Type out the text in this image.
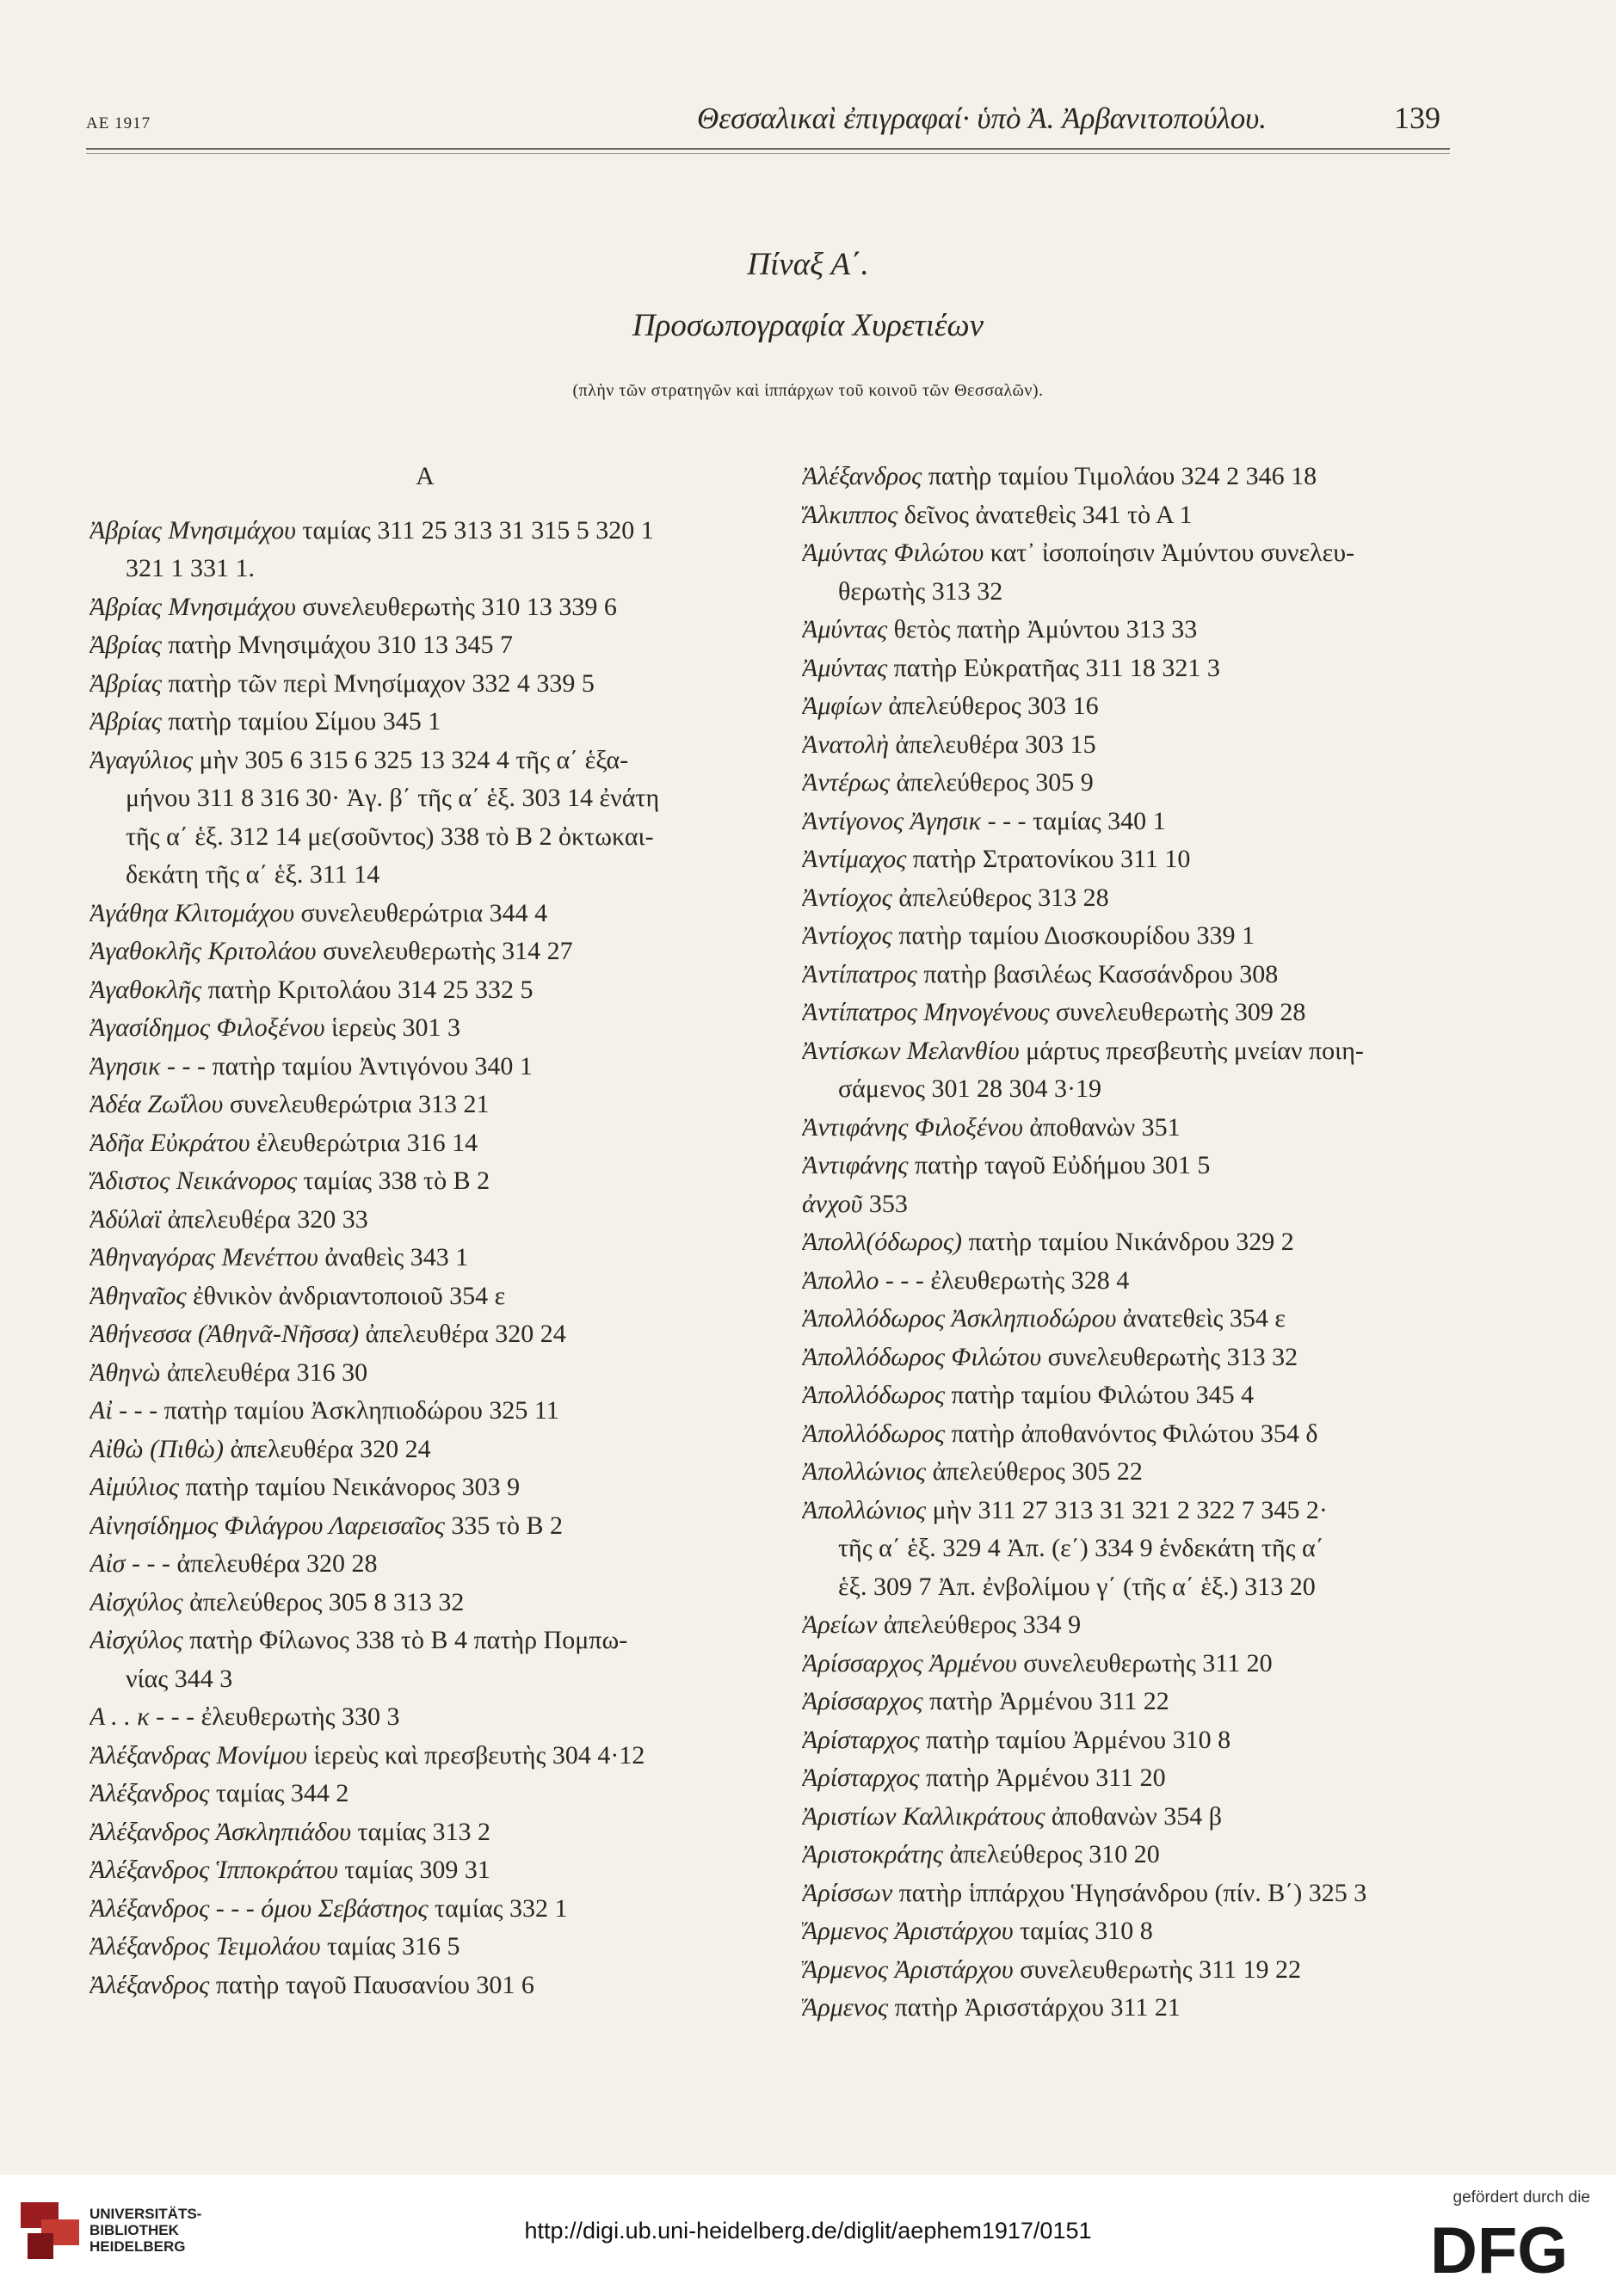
ΑΕ 1917	Θεσσαλικαὶ ἐπιγραφαί· ὑπὸ Ἀ. Ἀρβανιτοπούλου.	139
Πίναξ Α΄.
Προσωπογραφία Χυρετιέων
(πλὴν τῶν στρατηγῶν καὶ ἱππάρχων τοῦ κοινοῦ τῶν Θεσσαλῶν).
Α
Ἀβρίας Μνησιμάχου ταμίας 311 25 313 31 315 5 320 1
321 1 331 1.
Ἀβρίας Μνησιμάχου συνελευθερωτὴς 310 13 339 6
Ἀβρίας πατὴρ Μνησιμάχου 310 13 345 7
Ἀβρίας πατὴρ τῶν περὶ Μνησίμαχον 332 4 339 5
Ἀβρίας πατὴρ ταμίου Σίμου 345 1
Ἀγαγύλιος μὴν 305 6 315 6 325 13 324 4 τῆς α΄ ἑξα-
μήνου 311 8 316 30· Ἀγ. β΄ τῆς α΄ ἑξ. 303 14 ἐνάτη
τῆς α΄ ἑξ. 312 14 με(σοῦντος) 338 τὸ Β 2 ὀκτωκαι-
δεκάτη τῆς α΄ ἑξ. 311 14
Ἀγάθηα Κλιτομάχου συνελευθερώτρια 344 4
Ἀγαθοκλῆς Κριτολάου συνελευθερωτὴς 314 27
Ἀγαθοκλῆς πατὴρ Κριτολάου 314 25 332 5
Ἀγασίδημος Φιλοξένου ἱερεὺς 301 3
Ἀγησικ - - - πατὴρ ταμίου Ἀντιγόνου 340 1
Ἀδέα Ζωΐλου συνελευθερώτρια 313 21
Ἀδῆα Εὐκράτου ἐλευθερώτρια 316 14
Ἄδιστος Νεικάνορος ταμίας 338 τὸ Β 2
Ἀδύλαϊ ἀπελευθέρα 320 33
Ἀθηναγόρας Μενέττου ἀναθεὶς 343 1
Ἀθηναῖος ἐθνικὸν ἀνδριαντοποιοῦ 354 ε
Ἀθήνεσσα (Ἀθηνᾶ-Νῆσσα) ἀπελευθέρα 320 24
Ἀθηνὼ ἀπελευθέρα 316 30
Αἰ - - - πατὴρ ταμίου Ἀσκληπιοδώρου 325 11
Αἰθὼ (Πιθὼ) ἀπελευθέρα 320 24
Αἰμύλιος πατὴρ ταμίου Νεικάνορος 303 9
Αἰνησίδημος Φιλάγρου Λαρεισαῖος 335 τὸ Β 2
Αἰσ - - - ἀπελευθέρα 320 28
Αἰσχύλος ἀπελεύθερος 305 8 313 32
Αἰσχύλος πατὴρ Φίλωνος 338 τὸ Β 4 πατὴρ Πομπω-
νίας 344 3
Α . . κ - - - ἐλευθερωτὴς 330 3
Ἀλέξανδρας Μονίμου ἱερεὺς καὶ πρεσβευτὴς 304 4·12
Ἀλέξανδρος ταμίας 344 2
Ἀλέξανδρος Ἀσκληπιάδου ταμίας 313 2
Ἀλέξανδρος Ἱπποκράτου ταμίας 309 31
Ἀλέξανδρος - - - όμου Σεβάστηος ταμίας 332 1
Ἀλέξανδρος Τειμολάου ταμίας 316 5
Ἀλέξανδρος πατὴρ ταγοῦ Παυσανίου 301 6
Ἀλέξανδρος πατὴρ ταμίου Τιμολάου 324 2 346 18
Ἄλκιππος δεῖνος ἀνατεθεὶς 341 τὸ Α 1
Ἀμύντας Φιλώτου κατ᾽ ἰσοποίησιν Ἀμύντου συνελευ-
θερωτὴς 313 32
Ἀμύντας θετὸς πατὴρ Ἀμύντου 313 33
Ἀμύντας πατὴρ Εὐκρατῆας 311 18 321 3
Ἀμφίων ἀπελεύθερος 303 16
Ἀνατολὴ ἀπελευθέρα 303 15
Ἀντέρως ἀπελεύθερος 305 9
Ἀντίγονος Ἀγησικ - - - ταμίας 340 1
Ἀντίμαχος πατὴρ Στρατονίκου 311 10
Ἀντίοχος ἀπελεύθερος 313 28
Ἀντίοχος πατὴρ ταμίου Διοσκουρίδου 339 1
Ἀντίπατρος πατὴρ βασιλέως Κασσάνδρου 308
Ἀντίπατρος Μηνογένους συνελευθερωτὴς 309 28
Ἀντίσκων Μελανθίου μάρτυς πρεσβευτὴς μνείαν ποιη-
σάμενος 301 28 304 3·19
Ἀντιφάνης Φιλοξένου ἀποθανὼν 351
Ἀντιφάνης πατὴρ ταγοῦ Εὐδήμου 301 5
ἀνχοῦ 353
Ἀπολλ(όδωρος) πατὴρ ταμίου Νικάνδρου 329 2
Ἀπολλο - - - ἐλευθερωτὴς 328 4
Ἀπολλόδωρος Ἀσκληπιοδώρου ἀνατεθεὶς 354 ε
Ἀπολλόδωρος Φιλώτου συνελευθερωτὴς 313 32
Ἀπολλόδωρος πατὴρ ταμίου Φιλώτου 345 4
Ἀπολλόδωρος πατὴρ ἀποθανόντος Φιλώτου 354 δ
Ἀπολλώνιος ἀπελεύθερος 305 22
Ἀπολλώνιος μὴν 311 27 313 31 321 2 322 7 345 2·
τῆς α΄ ἑξ. 329 4 Ἀπ. (ε΄) 334 9 ἑνδεκάτη τῆς α΄
ἑξ. 309 7 Ἀπ. ἐνβολίμου γ΄ (τῆς α΄ ἑξ.) 313 20
Ἀρείων ἀπελεύθερος 334 9
Ἀρίσσαρχος Ἀρμένου συνελευθερωτὴς 311 20
Ἀρίσσαρχος πατὴρ Ἀρμένου 311 22
Ἀρίσταρχος πατὴρ ταμίου Ἀρμένου 310 8
Ἀρίσταρχος πατὴρ Ἀρμένου 311 20
Ἀριστίων Καλλικράτους ἀποθανὼν 354 β
Ἀριστοκράτης ἀπελεύθερος 310 20
Ἀρίσσων πατὴρ ἱππάρχου Ἡγησάνδρου (πίν. Β΄) 325 3
Ἅρμενος Ἀριστάρχου ταμίας 310 8
Ἅρμενος Ἀριστάρχου συνελευθερωτὴς 311 19 22
Ἅρμενος πατὴρ Ἀρισστάρχου 311 21
UNIVERSITÄTS-
BIBLIOTHEK
HEIDELBERG
http://digi.ub.uni-heidelberg.de/diglit/aephem1917/0151
gefördert durch die
DFG
